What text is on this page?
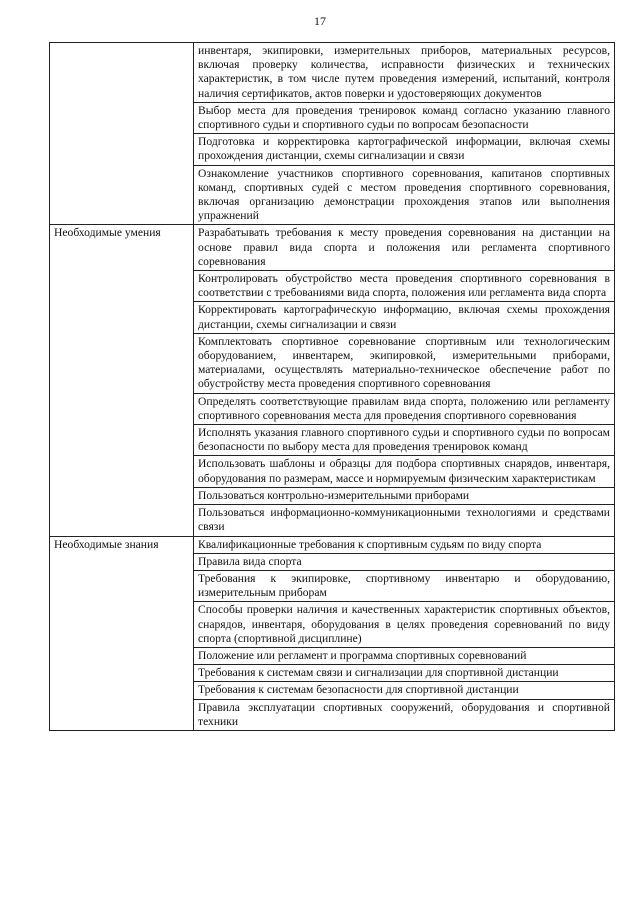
17
	инвентаря, экипировки, измерительных приборов, материальных ресурсов, включая проверку количества, исправности физических и технических характеристик, в том числе путем проведения измерений, испытаний, контроля наличия сертификатов, актов поверки и удостоверяющих документов
	Выбор места для проведения тренировок команд согласно указанию главного спортивного судьи и спортивного судьи по вопросам безопасности
	Подготовка и корректировка картографической информации, включая схемы прохождения дистанции, схемы сигнализации и связи
	Ознакомление участников спортивного соревнования, капитанов спортивных команд, спортивных судей с местом проведения спортивного соревнования, включая организацию демонстрации прохождения этапов или выполнения упражнений
Необходимые умения	Разрабатывать требования к месту проведения соревнования на дистанции на основе правил вида спорта и положения или регламента спортивного соревнования
	Контролировать обустройство места проведения спортивного соревнования в соответствии с требованиями вида спорта, положения или регламента вида спорта
	Корректировать картографическую информацию, включая схемы прохождения дистанции, схемы сигнализации и связи
	Комплектовать спортивное соревнование спортивным или технологическим оборудованием, инвентарем, экипировкой, измерительными приборами, материалами, осуществлять материально-техническое обеспечение работ по обустройству места проведения спортивного соревнования
	Определять соответствующие правилам вида спорта, положению или регламенту спортивного соревнования места для проведения спортивного соревнования
	Исполнять указания главного спортивного судьи и спортивного судьи по вопросам безопасности по выбору места для проведения тренировок команд
	Использовать шаблоны и образцы для подбора спортивных снарядов, инвентаря, оборудования по размерам, массе и нормируемым физическим характеристикам
	Пользоваться контрольно-измерительными приборами
	Пользоваться информационно-коммуникационными технологиями и средствами связи
Необходимые знания	Квалификационные требования к спортивным судьям по виду спорта
	Правила вида спорта
	Требования к экипировке, спортивному инвентарю и оборудованию, измерительным приборам
	Способы проверки наличия и качественных характеристик спортивных объектов, снарядов, инвентаря, оборудования в целях проведения соревнований по виду спорта (спортивной дисциплине)
	Положение или регламент и программа спортивных соревнований
	Требования к системам связи и сигнализации для спортивной дистанции
	Требования к системам безопасности для спортивной дистанции
	Правила эксплуатации спортивных сооружений, оборудования и спортивной техники
